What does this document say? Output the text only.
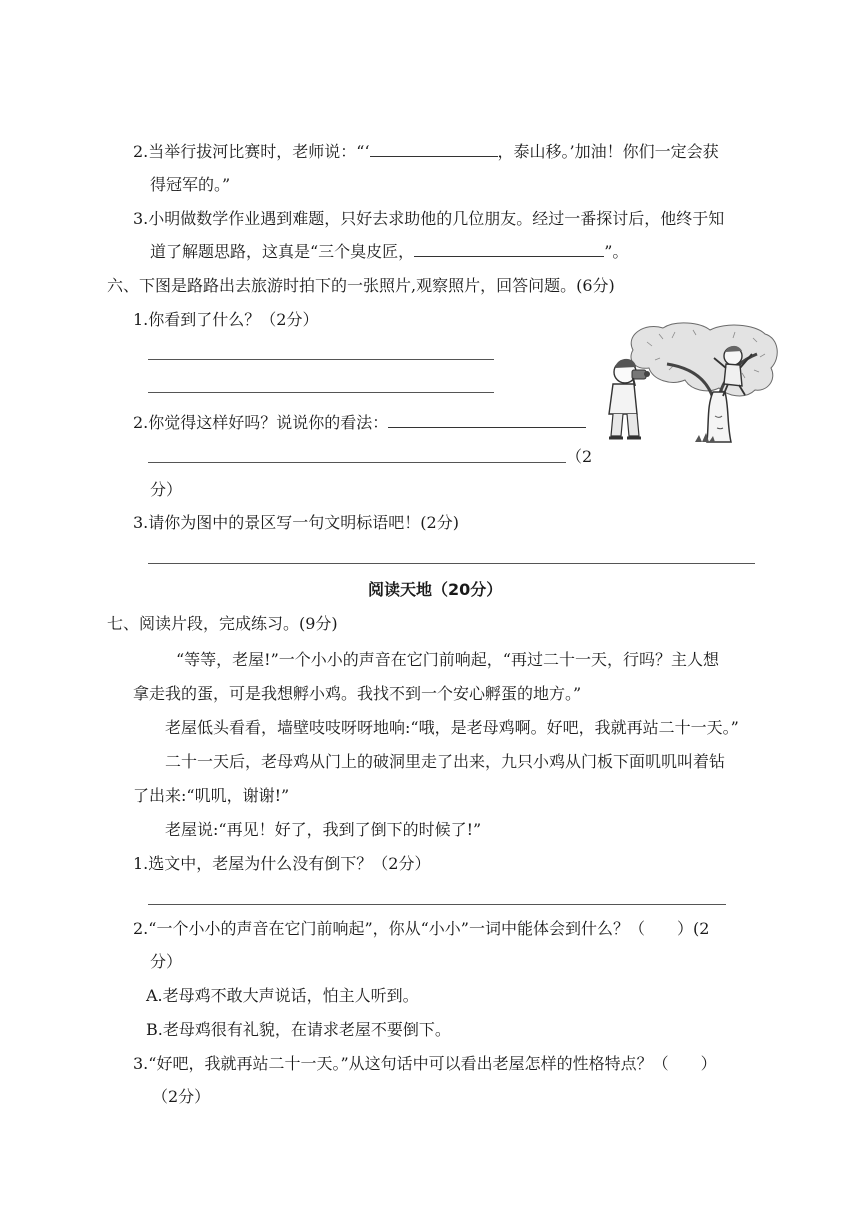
2.当举行拔河比赛时，老师说：“‘	，泰山移。’加油！你们一定会获
得冠军的。”
3.小明做数学作业遇到难题，只好去求助他的几位朋友。经过一番探讨后，他终于知
道了解题思路，这真是“三个臭皮匠，	”。
六、下图是路路出去旅游时拍下的一张照片,观察照片，回答问题。(6分)
1.你看到了什么？（2分）
2.你觉得这样好吗？说说你的看法：
（2
分）
3.请你为图中的景区写一句文明标语吧！(2分)
阅读天地（20分）
七、阅读片段，完成练习。(9分)
“等等，老屋!”一个小小的声音在它门前响起，“再过二十一天，行吗？主人想
拿走我的蛋，可是我想孵小鸡。我找不到一个安心孵蛋的地方。”
老屋低头看看，墙壁吱吱呀呀地响:“哦，是老母鸡啊。好吧，我就再站二十一天。”
二十一天后，老母鸡从门上的破洞里走了出来，九只小鸡从门板下面叽叽叫着钻
了出来:“叽叽，谢谢!”
老屋说:“再见！好了，我到了倒下的时候了!”
1.选文中，老屋为什么没有倒下？（2分）
2.“一个小小的声音在它门前响起”，你从“小小”一词中能体会到什么？（　　）(2
分）
A.老母鸡不敢大声说话，怕主人听到。
B.老母鸡很有礼貌，在请求老屋不要倒下。
3.“好吧，我就再站二十一天。”从这句话中可以看出老屋怎样的性格特点？（　　）
（2分）
